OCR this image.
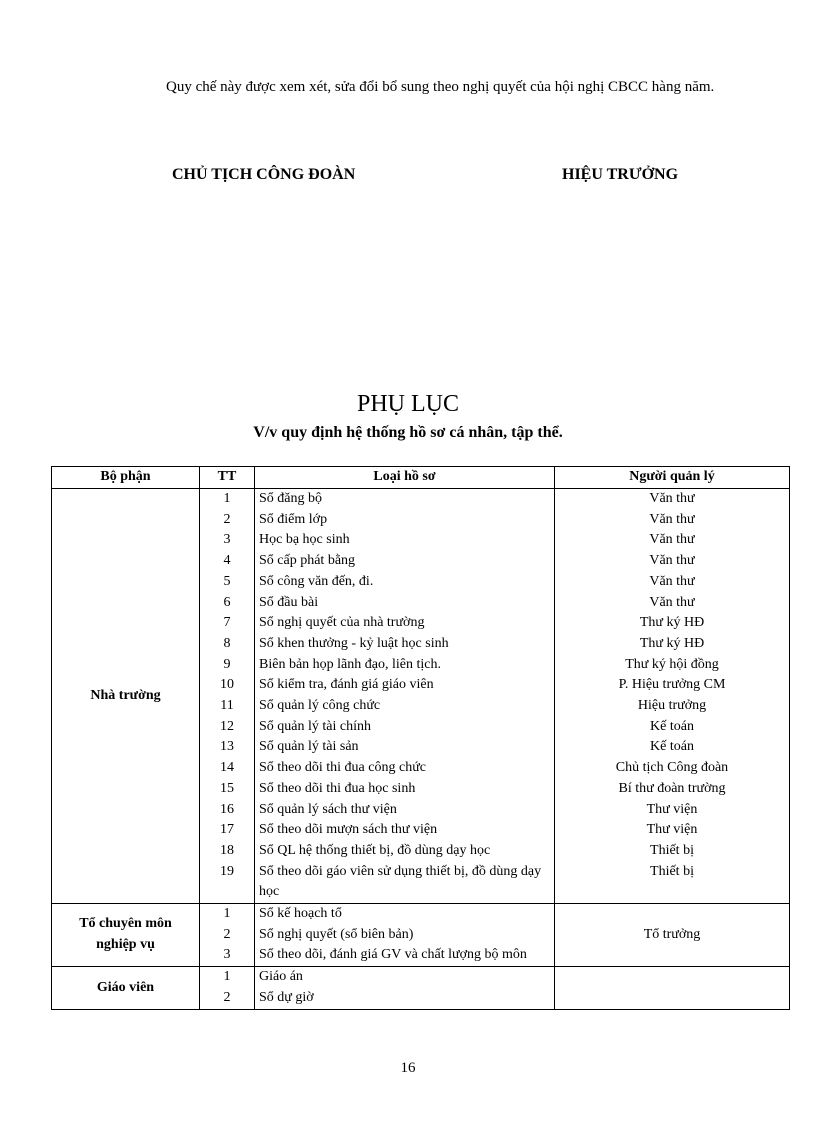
Quy chế này được xem xét, sửa đổi bổ sung theo nghị quyết của hội nghị CBCC hàng năm.
CHỦ TỊCH CÔNG ĐOÀN	HIỆU TRƯỞNG
PHỤ LỤC
V/v quy định hệ thống hồ sơ cá nhân, tập thể.
Bộ phận	TT	Loại hồ sơ	Người quản lý
Nhà trường	1	Sổ đăng bộ	Văn thư
	2	Sổ điểm lớp	Văn thư
	3	Học bạ học sinh	Văn thư
	4	Sổ cấp phát bằng	Văn thư
	5	Sổ công văn đến, đi.	Văn thư
	6	Sổ đầu bài	Văn thư
	7	Sổ nghị quyết của nhà trường	Thư ký HĐ
	8	Sổ khen thưởng - kỷ luật học sinh	Thư ký HĐ
	9	Biên bản họp lãnh đạo, liên tịch.	Thư ký hội đồng
	10	Sổ kiểm tra, đánh giá giáo viên	P. Hiệu trưởng CM
	11	Sổ quản lý công chức	Hiệu trưởng
	12	Sổ quản lý tài chính	Kế toán
	13	Sổ quản lý tài sản	Kế toán
	14	Sổ theo dõi thi đua công chức	Chủ tịch Công đoàn
	15	Sổ theo dõi thi đua học sinh	Bí thư đoàn trường
	16	Sổ quản lý sách thư viện	Thư viện
	17	Sổ theo dõi mượn sách thư viện	Thư viện
	18	Sổ QL hệ thống thiết bị, đồ dùng dạy học	Thiết bị
	19	Sổ theo dõi gáo viên sử dụng thiết bị, đồ dùng dạy học	Thiết bị
Tổ chuyên môn nghiệp vụ	1	Sổ kế hoạch tổ	Tổ trưởng
	2	Sổ nghị quyết (sổ biên bản)	
	3	Sổ theo dõi, đánh giá GV và chất lượng bộ môn	
Giáo viên	1	Giáo án	
	2	Sổ dự giờ	
16
